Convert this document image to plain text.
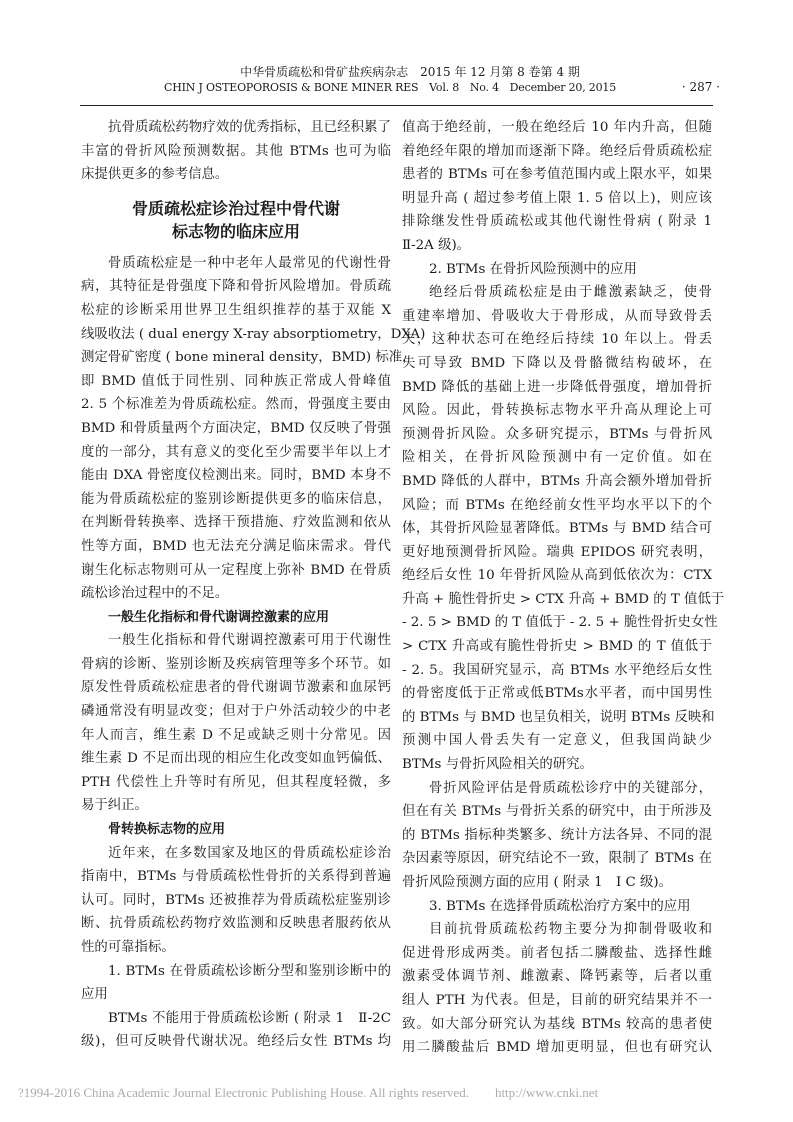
中华骨质疏松和骨矿盐疾病杂志　2015 年 12 月第 8 卷第 4 期
CHIN J OSTEOPOROSIS & BONE MINER RES　Vol. 8　No. 4　December 20, 2015	· 287 ·
抗骨质疏松药物疗效的优秀指标，且已经积累了
丰富的骨折风险预测数据。其他 BTMs 也可为临
床提供更多的参考信息。
骨质疏松症诊治过程中骨代谢
标志物的临床应用
骨质疏松症是一种中老年人最常见的代谢性骨
病，其特征是骨强度下降和骨折风险增加。骨质疏
松症的诊断采用世界卫生组织推荐的基于双能 X
线吸收法 ( dual energy X-ray absorptiometry，DXA)
测定骨矿密度 ( bone mineral density，BMD) 标准，
即 BMD 值低于同性别、同种族正常成人骨峰值
2. 5 个标准差为骨质疏松症。然而，骨强度主要由
BMD 和骨质量两个方面决定，BMD 仅反映了骨强
度的一部分，其有意义的变化至少需要半年以上才
能由 DXA 骨密度仪检测出来。同时，BMD 本身不
能为骨质疏松症的鉴别诊断提供更多的临床信息，
在判断骨转换率、选择干预措施、疗效监测和依从
性等方面，BMD 也无法充分满足临床需求。骨代
谢生化标志物则可从一定程度上弥补 BMD 在骨质
疏松诊治过程中的不足。
一般生化指标和骨代谢调控激素的应用
一般生化指标和骨代谢调控激素可用于代谢性
骨病的诊断、鉴别诊断及疾病管理等多个环节。如
原发性骨质疏松症患者的骨代谢调节激素和血尿钙
磷通常没有明显改变；但对于户外活动较少的中老
年人而言，维生素 D 不足或缺乏则十分常见。因
维生素 D 不足而出现的相应生化改变如血钙偏低、
PTH 代偿性上升等时有所见，但其程度轻微，多
易于纠正。
骨转换标志物的应用
近年来，在多数国家及地区的骨质疏松症诊治
指南中，BTMs 与骨质疏松性骨折的关系得到普遍
认可。同时，BTMs 还被推荐为骨质疏松症鉴别诊
断、抗骨质疏松药物疗效监测和反映患者服药依从
性的可靠指标。
1. BTMs 在骨质疏松诊断分型和鉴别诊断中的
应用
BTMs 不能用于骨质疏松诊断 ( 附录 1　Ⅱ-2C
级)，但可反映骨代谢状况。绝经后女性 BTMs 均
值高于绝经前，一般在绝经后 10 年内升高，但随
着绝经年限的增加而逐渐下降。绝经后骨质疏松症
患者的 BTMs 可在参考值范围内或上限水平，如果
明显升高 ( 超过参考值上限 1. 5 倍以上)，则应该
排除继发性骨质疏松或其他代谢性骨病 ( 附录 1
Ⅱ-2A 级)。
2. BTMs 在骨折风险预测中的应用
绝经后骨质疏松症是由于雌激素缺乏，使骨
重建率增加、骨吸收大于骨形成，从而导致骨丢
失，这种状态可在绝经后持续 10 年以上。骨丢
失可导致 BMD 下降以及骨骼微结构破坏，在
BMD 降低的基础上进一步降低骨强度，增加骨折
风险。因此，骨转换标志物水平升高从理论上可
预测骨折风险。众多研究提示，BTMs 与骨折风
险相关，在骨折风险预测中有一定价值。如在
BMD 降低的人群中，BTMs 升高会额外增加骨折
风险；而 BTMs 在绝经前女性平均水平以下的个
体，其骨折风险显著降低。BTMs 与 BMD 结合可
更好地预测骨折风险。瑞典 EPIDOS 研究表明，
绝经后女性 10 年骨折风险从高到低依次为：CTX
升高 + 脆性骨折史 > CTX 升高 + BMD 的 T 值低于
- 2. 5 > BMD 的 T 值低于 - 2. 5 + 脆性骨折史女性
> CTX 升高或有脆性骨折史 > BMD 的 T 值低于
- 2. 5。我国研究显示，高 BTMs 水平绝经后女性
的骨密度低于正常或低BTMs水平者，而中国男性
的 BTMs 与 BMD 也呈负相关，说明 BTMs 反映和
预测中国人骨丢失有一定意义，但我国尚缺少
BTMs 与骨折风险相关的研究。
骨折风险评估是骨质疏松诊疗中的关键部分，
但在有关 BTMs 与骨折关系的研究中，由于所涉及
的 BTMs 指标种类繁多、统计方法各异、不同的混
杂因素等原因，研究结论不一致，限制了 BTMs 在
骨折风险预测方面的应用 ( 附录 1　Ⅰ C 级)。
3. BTMs 在选择骨质疏松治疗方案中的应用
目前抗骨质疏松药物主要分为抑制骨吸收和
促进骨形成两类。前者包括二膦酸盐、选择性雌
激素受体调节剂、雌激素、降钙素等，后者以重
组人 PTH 为代表。但是，目前的研究结果并不一
致。如大部分研究认为基线 BTMs 较高的患者使
用二膦酸盐后 BMD 增加更明显，但也有研究认
?1994-2016 China Academic Journal Electronic Publishing House. All rights reserved.　　http://www.cnki.net
